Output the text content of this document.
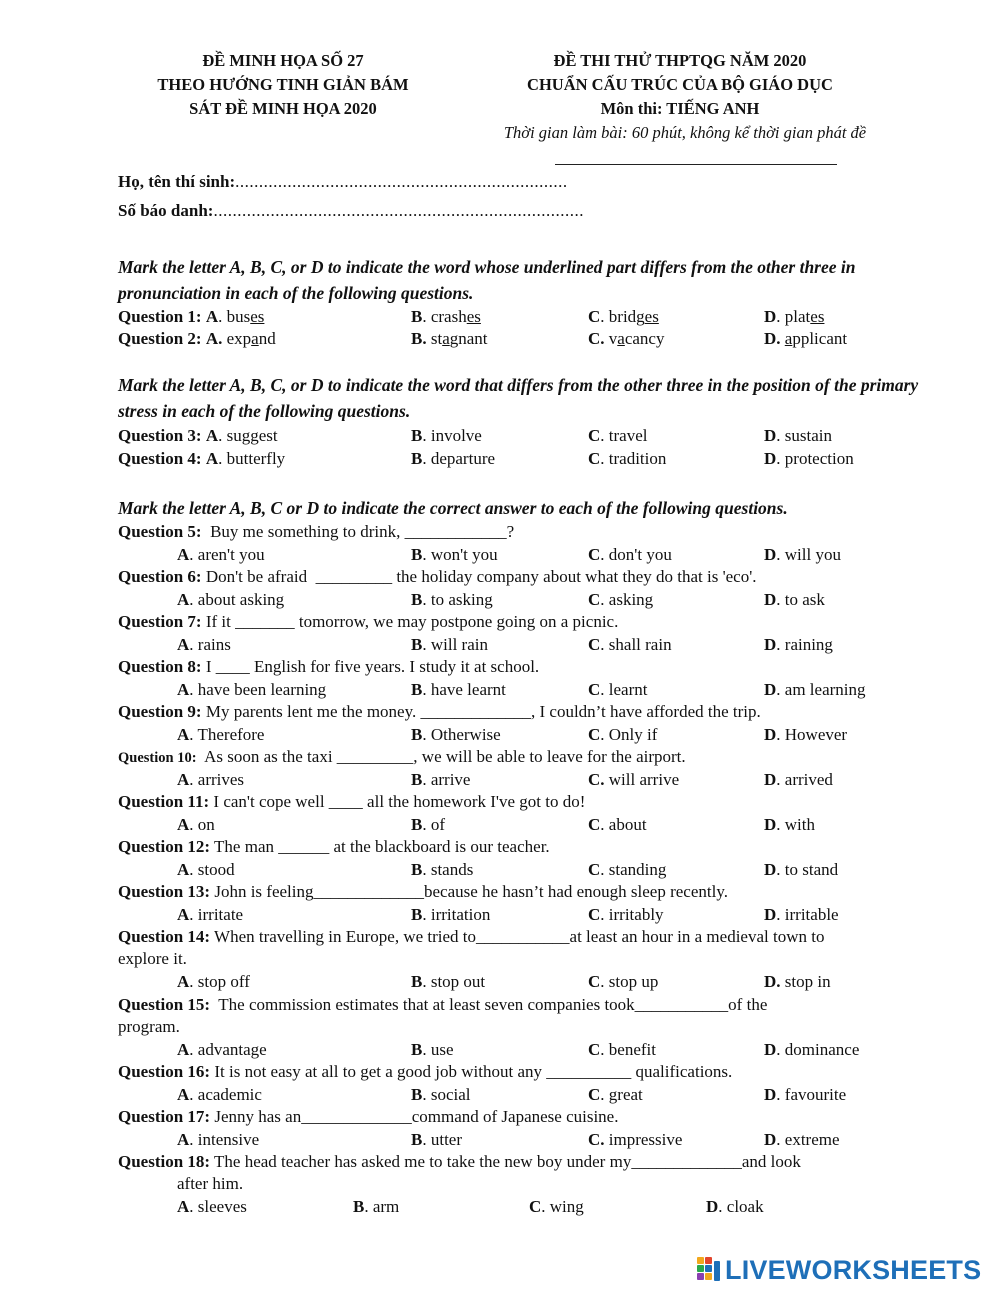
ĐỀ MINH HỌA SỐ 27
THEO HƯỚNG TINH GIẢN BÁM
SÁT ĐỀ MINH HỌA 2020
ĐỀ THI THỬ THPTQG NĂM 2020
CHUẨN CẤU TRÚC CỦA BỘ GIÁO DỤC
Môn thi: TIẾNG ANH
Thời gian làm bài: 60 phút, không kể thời gian phát đề
Họ, tên thí sinh:......................................................................
Số báo danh:..............................................................................
Mark the letter A, B, C, or D to indicate the word whose underlined part differs from the other three in pronunciation in each of the following questions.
Question 1: A. buses	B. crashes	C. bridges	D. plates
Question 2: A. expand	B. stagnant	C. vacancy	D. applicant
Mark the letter A, B, C, or D to indicate the word that differs from the other three in the position of the primary stress in each of the following questions.
Question 3: A. suggest	B. involve	C. travel	D. sustain
Question 4: A. butterfly	B. departure	C. tradition	D. protection
Mark the letter A, B, C or D to indicate the correct answer to each of the following questions.
Question 5:  Buy me something to drink, ____________?
A. aren't you	B. won't you	C. don't you	D. will you
Question 6: Don't be afraid  _________ the holiday company about what they do that is 'eco'.
A. about asking	B. to asking	C. asking	D. to ask
Question 7: If it _______ tomorrow, we may postpone going on a picnic.
A. rains	B. will rain	C. shall rain	D. raining
Question 8: I ____ English for five years. I study it at school.
A. have been learning	B. have learnt	C. learnt	D. am learning
Question 9: My parents lent me the money. _____________, I couldn’t have afforded the trip.
A. Therefore	B. Otherwise	C. Only if	D. However
Question 10:  As soon as the taxi _________, we will be able to leave for the airport.
A. arrives	B. arrive	C. will arrive	D. arrived
Question 11: I can't cope well ____ all the homework I've got to do!
A. on	B. of	C. about	D. with
Question 12: The man ______ at the blackboard is our teacher.
A. stood	B. stands	C. standing	D. to stand
Question 13: John is feeling_____________because he hasn’t had enough sleep recently.
A. irritate	B. irritation	C. irritably	D. irritable
Question 14: When travelling in Europe, we tried to___________at least an hour in a medieval town to
explore it.
A. stop off	B. stop out	C. stop up	D. stop in
Question 15:  The commission estimates that at least seven companies took___________of the
program.
A. advantage	B. use	C. benefit	D. dominance
Question 16: It is not easy at all to get a good job without any __________ qualifications.
A. academic	B. social	C. great	D. favourite
Question 17: Jenny has an_____________command of Japanese cuisine.
A. intensive	B. utter	C. impressive	D. extreme
Question 18: The head teacher has asked me to take the new boy under my_____________and look
after him.
A. sleeves	B. arm	C. wing	D. cloak
LIVEWORKSHEETS
